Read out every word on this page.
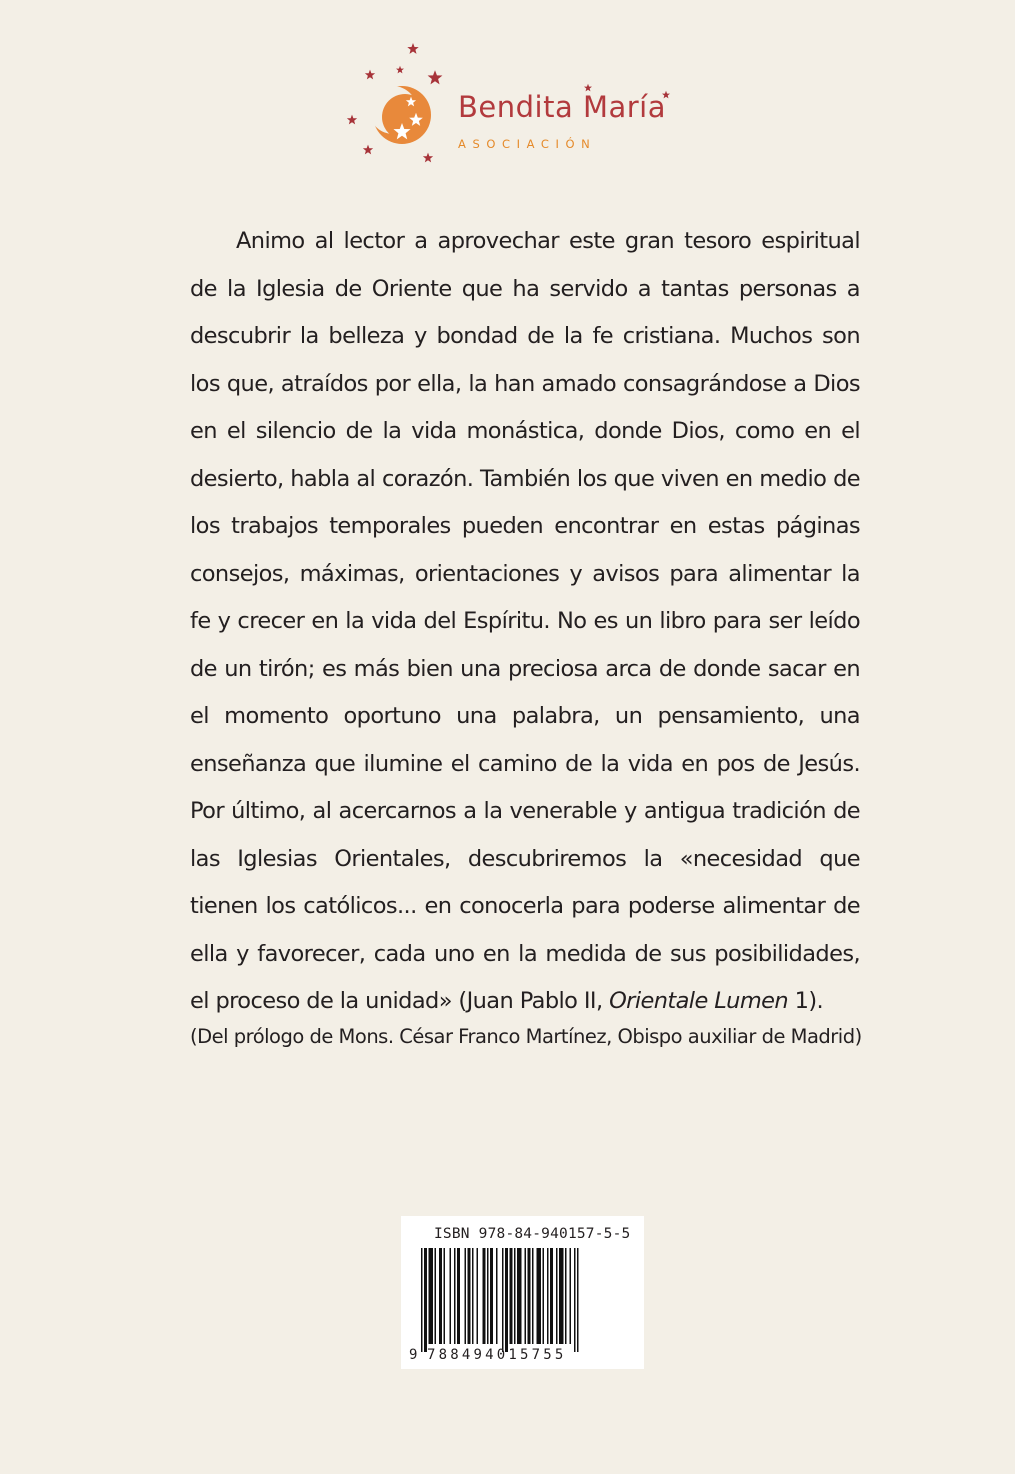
Bendita María
ASOCIACIÓN

Animo al lector a aprovechar este gran tesoro espiritual de la Iglesia de Oriente que ha servido a tantas personas a descubrir la belleza y bondad de la fe cristiana. Muchos son los que, atraídos por ella, la han amado consagrándose a Dios en el silencio de la vida monástica, donde Dios, como en el desierto, habla al corazón. También los que viven en medio de los trabajos temporales pueden encontrar en estas páginas consejos, máximas, orientaciones y avisos para alimentar la fe y crecer en la vida del Espíritu. No es un libro para ser leído de un tirón; es más bien una preciosa arca de donde sacar en el momento oportuno una palabra, un pensamiento, una enseñanza que ilumine el camino de la vida en pos de Jesús. Por último, al acercarnos a la venerable y antigua tradición de las Iglesias Orientales, descubriremos la «necesidad que tienen los católicos... en conocerla para poderse alimentar de ella y favorecer, cada uno en la medida de sus posibilidades, el proceso de la unidad» (Juan Pablo II, Orientale Lumen 1).

(Del prólogo de Mons. César Franco Martínez, Obispo auxiliar de Madrid)
ISBN 978-84-940157-5-5
9 788494015755
